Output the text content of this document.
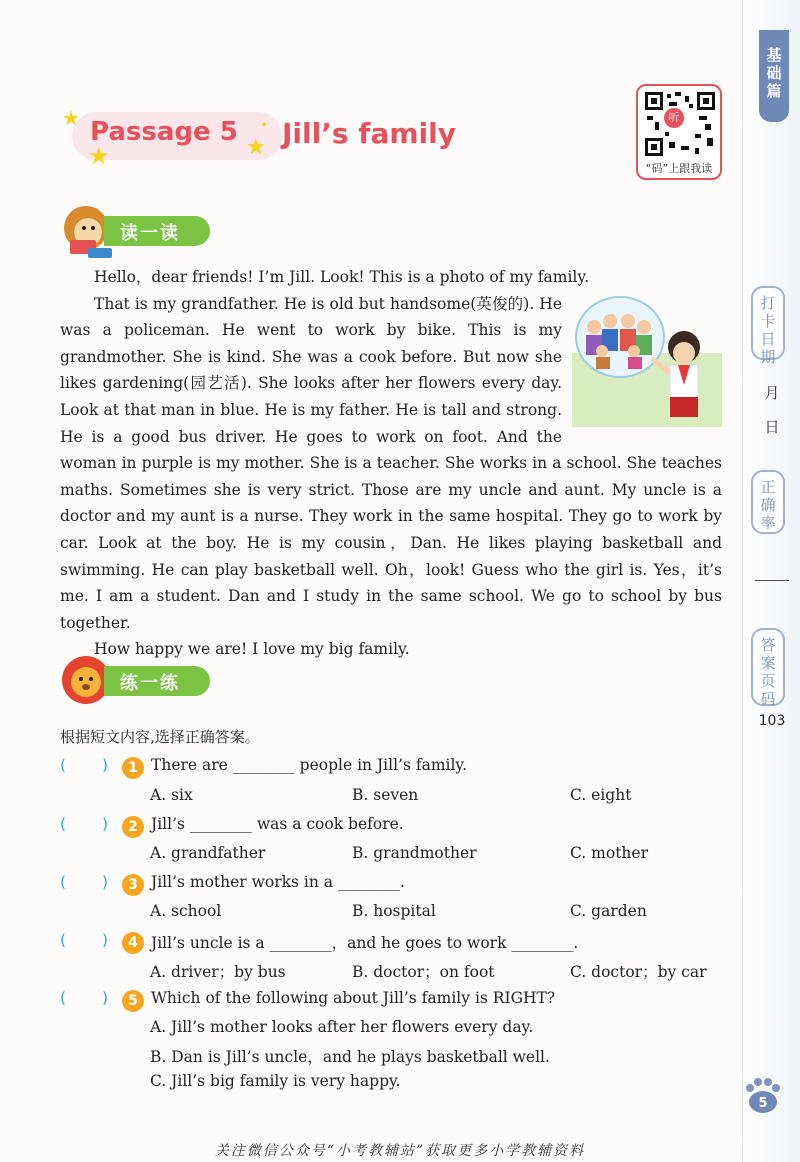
基
础
篇
打
卡
日
期
月
日
正
确
率
答
案
页
码
103
★
★	★
✦
Passage 5 Jill’s family	听
“码”上跟我读
读一读

Hello，dear friends! I’m Jill. Look! This is a photo of my family.

That is my grandfather. He is old but handsome(英俊的). He was a policeman. He went to work by bike. This is my grandmother. She is kind. She was a cook before. But now she likes gardening(园艺活). She looks after her flowers every day. Look at that man in blue. He is my father. He is tall and strong. He is a good bus driver. He goes to work on foot. And the woman in purple is my mother. She is a teacher. She works in a school. She teaches maths. Sometimes she is very strict. Those are my uncle and aunt. My uncle is a doctor and my aunt is a nurse. They work in the same hospital. They go to work by car. Look at the boy. He is my cousin，Dan. He likes playing basketball and swimming. He can play basketball well. Oh，look! Guess who the girl is. Yes，it’s me. I am a student. Dan and I study in the same school. We go to school by bus together.

How happy we are! I love my big family.

练一练
根据短文内容,选择正确答案。
( )	1 There are ________ people in Jill’s family.
A. six	B. seven	C. eight
( )	2 Jill’s ________ was a cook before.
A. grandfather	B. grandmother	C. mother
( )	3 Jill’s mother works in a ________.
A. school	B. hospital	C. garden
( )	4 Jill’s uncle is a ________，and he goes to work ________.
A. driver；by bus	B. doctor；on foot	C. doctor；by car
( )	5 Which of the following about Jill’s family is RIGHT?
A. Jill’s mother looks after her flowers every day.
B. Dan is Jill’s uncle，and he plays basketball well.
C. Jill’s big family is very happy.
5
关注微信公众号“小考教辅站”获取更多小学教辅资料
